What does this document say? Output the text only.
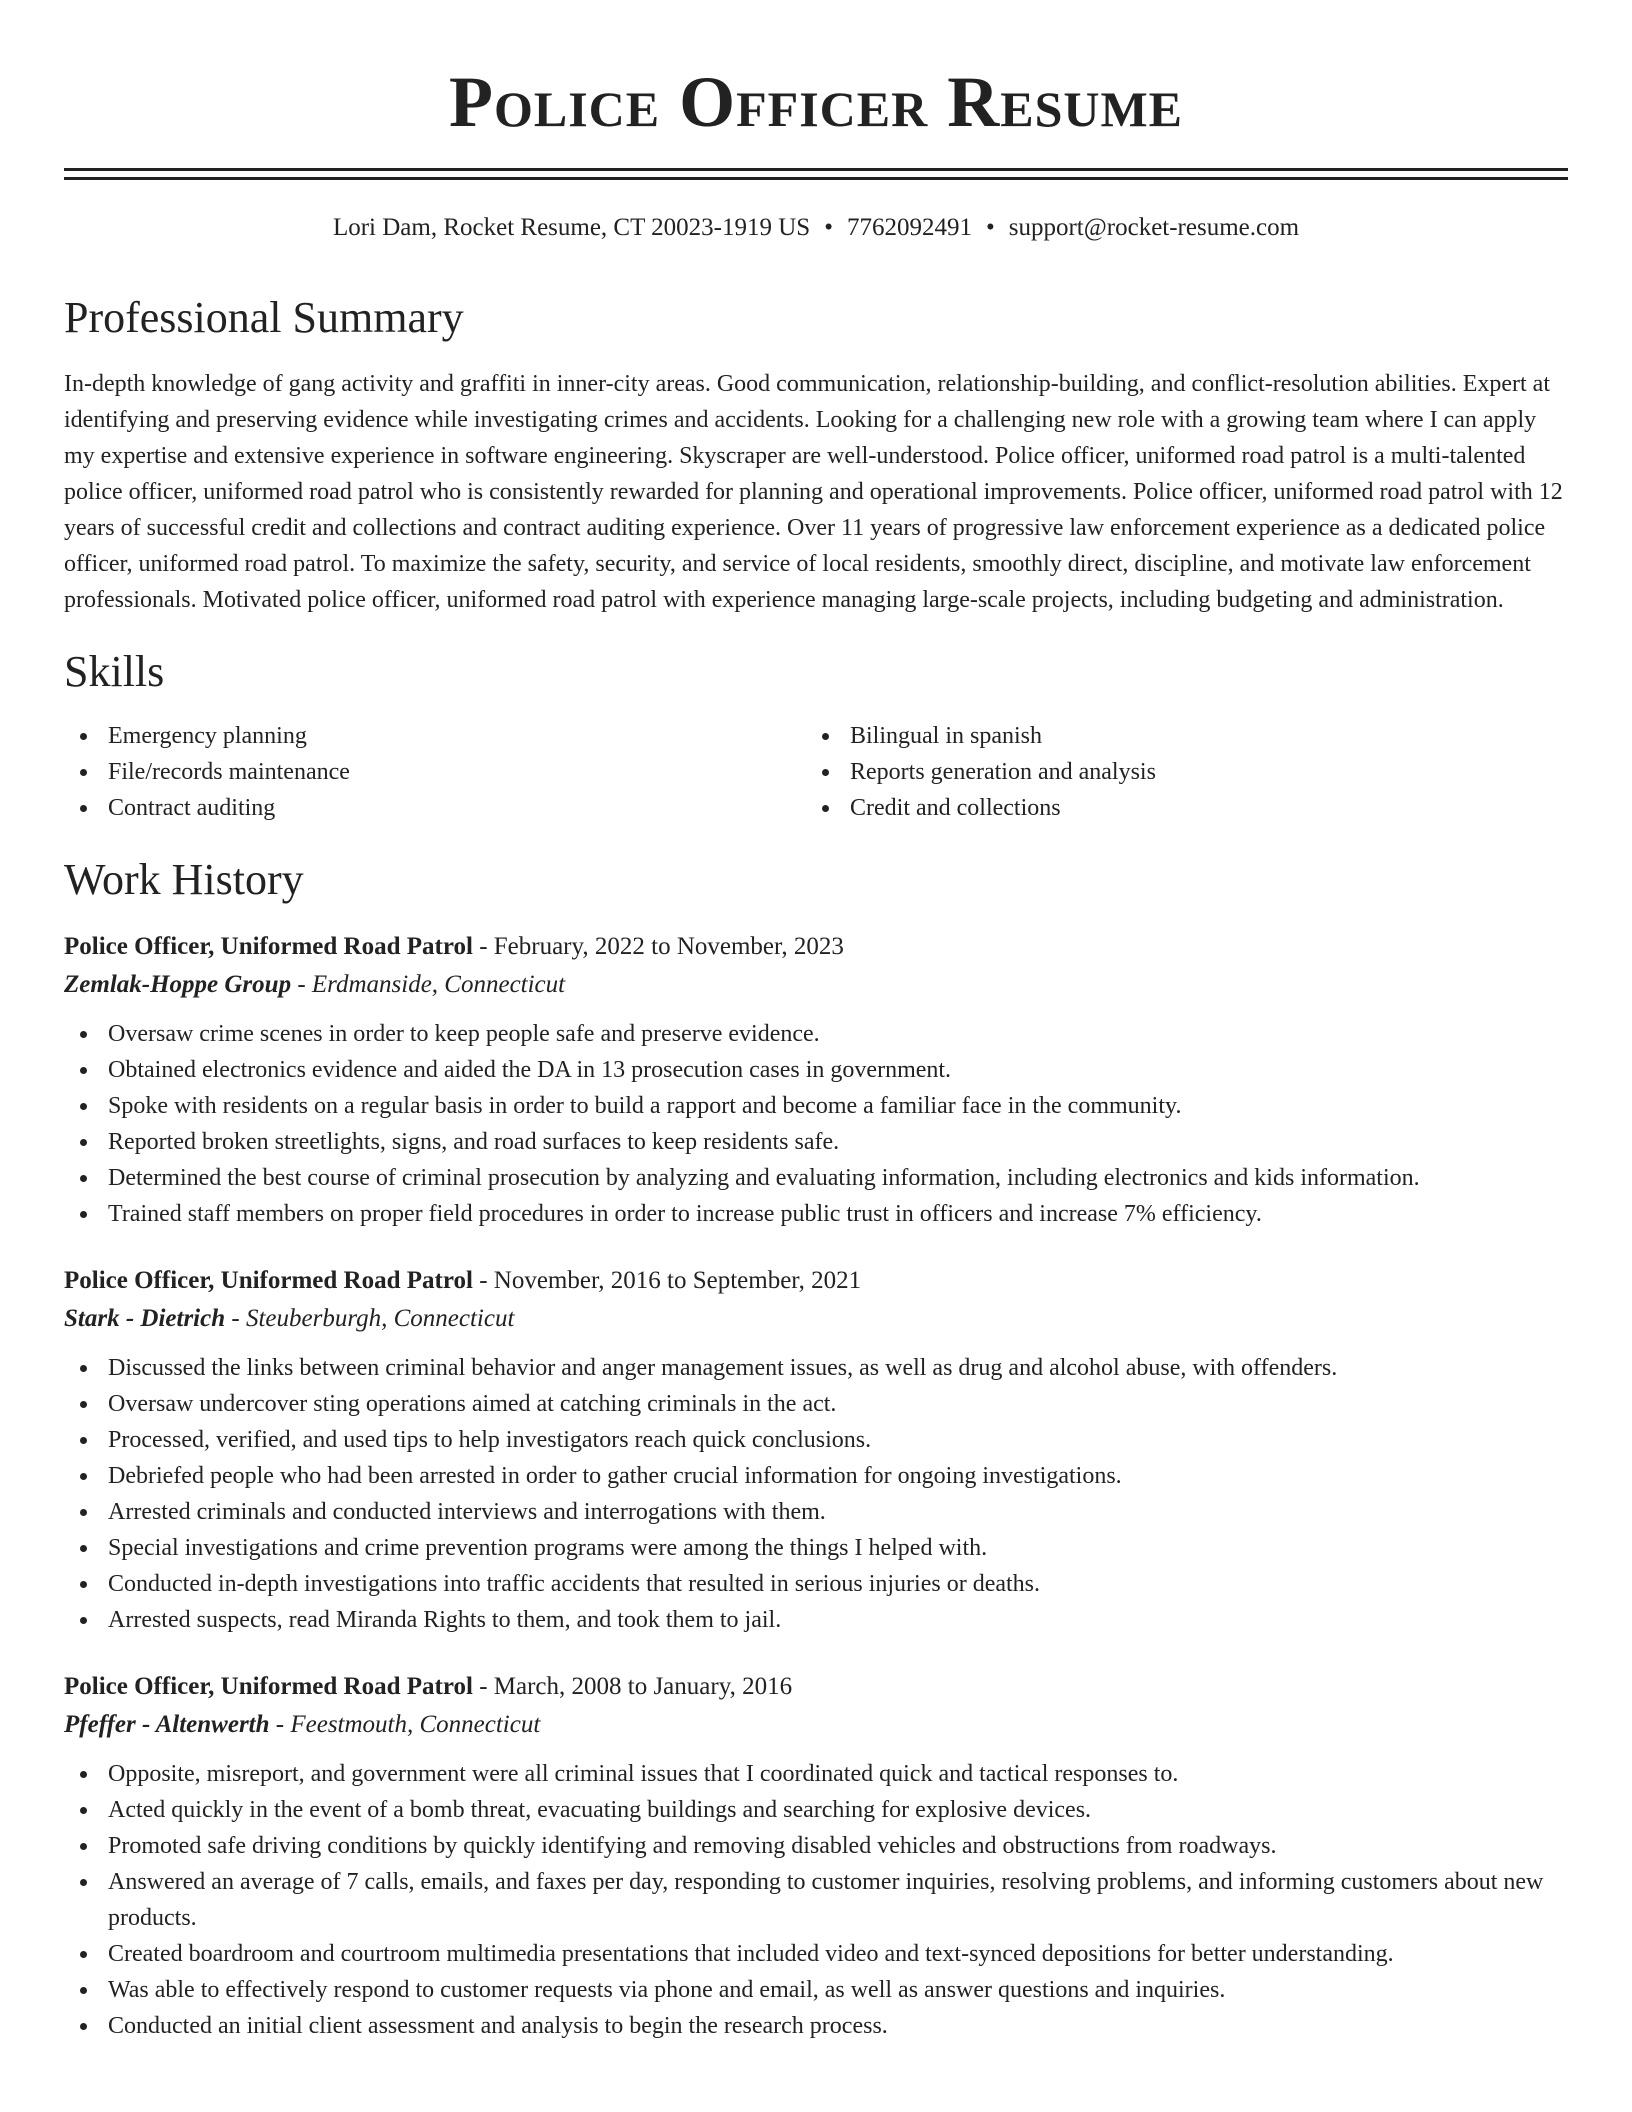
Police Officer Resume
Lori Dam, Rocket Resume, CT 20023-1919 US • 7762092491 • support@rocket-resume.com
Professional Summary

In-depth knowledge of gang activity and graffiti in inner-city areas. Good communication, relationship-building, and conflict-resolution abilities. Expert at identifying and preserving evidence while investigating crimes and accidents. Looking for a challenging new role with a growing team where I can apply my expertise and extensive experience in software engineering. Skyscraper are well-understood. Police officer, uniformed road patrol is a multi-talented police officer, uniformed road patrol who is consistently rewarded for planning and operational improvements. Police officer, uniformed road patrol with 12 years of successful credit and collections and contract auditing experience. Over 11 years of progressive law enforcement experience as a dedicated police officer, uniformed road patrol. To maximize the safety, security, and service of local residents, smoothly direct, discipline, and motivate law enforcement professionals. Motivated police officer, uniformed road patrol with experience managing large-scale projects, including budgeting and administration.

Skills
Emergency planning
File/records maintenance
Contract auditing
Bilingual in spanish
Reports generation and analysis
Credit and collections
Work History
Police Officer, Uniformed Road Patrol - February, 2022 to November, 2023
Zemlak-Hoppe Group - Erdmanside, Connecticut
Oversaw crime scenes in order to keep people safe and preserve evidence.
Obtained electronics evidence and aided the DA in 13 prosecution cases in government.
Spoke with residents on a regular basis in order to build a rapport and become a familiar face in the community.
Reported broken streetlights, signs, and road surfaces to keep residents safe.
Determined the best course of criminal prosecution by analyzing and evaluating information, including electronics and kids information.
Trained staff members on proper field procedures in order to increase public trust in officers and increase 7% efficiency.
Police Officer, Uniformed Road Patrol - November, 2016 to September, 2021
Stark - Dietrich - Steuberburgh, Connecticut
Discussed the links between criminal behavior and anger management issues, as well as drug and alcohol abuse, with offenders.
Oversaw undercover sting operations aimed at catching criminals in the act.
Processed, verified, and used tips to help investigators reach quick conclusions.
Debriefed people who had been arrested in order to gather crucial information for ongoing investigations.
Arrested criminals and conducted interviews and interrogations with them.
Special investigations and crime prevention programs were among the things I helped with.
Conducted in-depth investigations into traffic accidents that resulted in serious injuries or deaths.
Arrested suspects, read Miranda Rights to them, and took them to jail.
Police Officer, Uniformed Road Patrol - March, 2008 to January, 2016
Pfeffer - Altenwerth - Feestmouth, Connecticut
Opposite, misreport, and government were all criminal issues that I coordinated quick and tactical responses to.
Acted quickly in the event of a bomb threat, evacuating buildings and searching for explosive devices.
Promoted safe driving conditions by quickly identifying and removing disabled vehicles and obstructions from roadways.
Answered an average of 7 calls, emails, and faxes per day, responding to customer inquiries, resolving problems, and informing customers about new products.
Created boardroom and courtroom multimedia presentations that included video and text-synced depositions for better understanding.
Was able to effectively respond to customer requests via phone and email, as well as answer questions and inquiries.
Conducted an initial client assessment and analysis to begin the research process.
